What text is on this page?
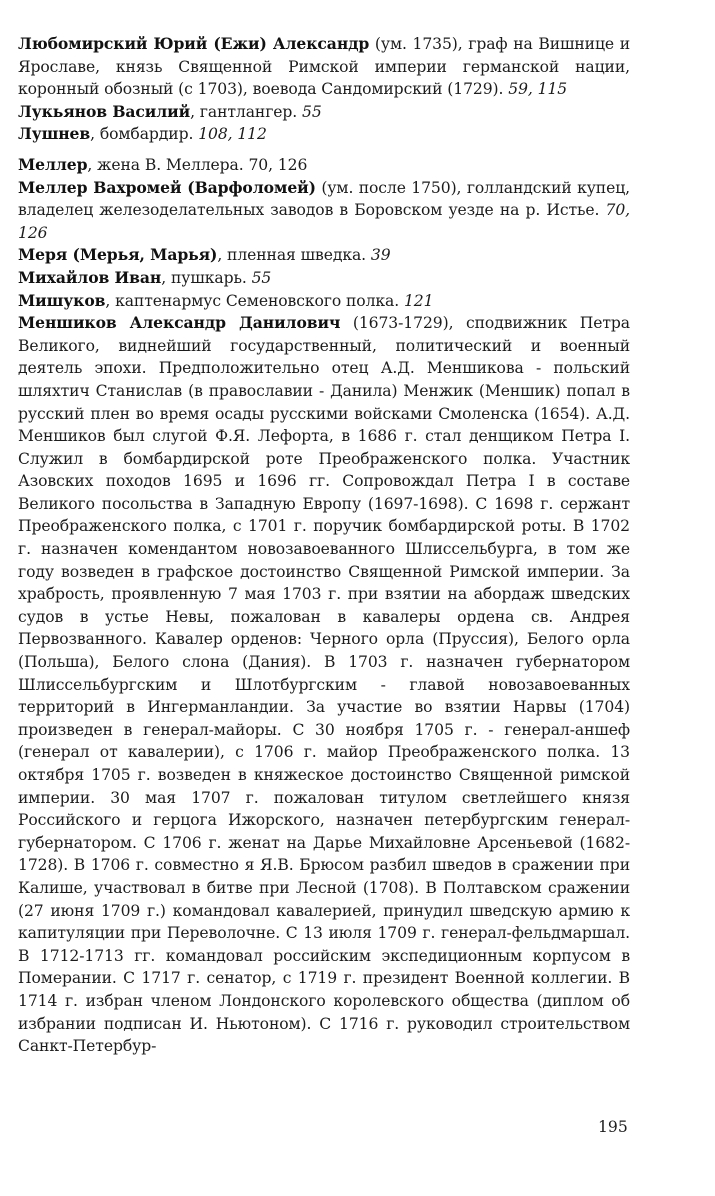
Любомирский Юрий (Ежи) Александр (ум. 1735), граф на Вишнице и Ярославе, князь Священной Римской империи германской нации, коронный обозный (с 1703), воевода Сандомирский (1729). 59, 115

Лукьянов Василий, гантлангер. 55

Лушнев, бомбардир. 108, 112

Меллер, жена В. Меллера. 70, 126

Меллер Вахромей (Варфоломей) (ум. после 1750), голландский купец, владелец железоделательных заводов в Боровском уезде на р. Истье. 70, 126

Меря (Мерья, Марья), пленная шведка. 39

Михайлов Иван, пушкарь. 55

Мишуков, каптенармус Семеновского полка. 121

Меншиков Александр Данилович (1673-1729), сподвижник Петра Великого, виднейший государственный, политический и военный деятель эпохи. Предположительно отец А.Д. Меншикова - польский шляхтич Станислав (в православии - Данила) Менжик (Меншик) попал в русский плен во время осады русскими войсками Смоленска (1654). А.Д. Меншиков был слугой Ф.Я. Лефорта, в 1686 г. стал денщиком Петра I. Служил в бомбардирской роте Преображенского полка. Участник Азовских походов 1695 и 1696 гг. Сопровождал Петра I в составе Великого посольства в Западную Европу (1697-1698). С 1698 г. сержант Преображенского полка, с 1701 г. поручик бомбардирской роты. В 1702 г. назначен комендантом новозавоеванного Шлиссельбурга, в том же году возведен в графское достоинство Священной Римской империи. За храбрость, проявленную 7 мая 1703 г. при взятии на абордаж шведских судов в устье Невы, пожалован в кавалеры ордена св. Андрея Первозванного. Кавалер орденов: Черного орла (Пруссия), Белого орла (Польша), Белого слона (Дания). В 1703 г. назначен губернатором Шлиссельбургским и Шлотбургским - главой новозавоеванных территорий в Ингерманландии. За участие во взятии Нарвы (1704) произведен в генерал-майоры. С 30 ноября 1705 г. - генерал-аншеф (генерал от кавалерии), с 1706 г. майор Преображенского полка. 13 октября 1705 г. возведен в княжеское достоинство Священной римской империи. 30 мая 1707 г. пожалован титулом светлейшего князя Российского и герцога Ижорского, назначен петербургским генерал-губернатором. С 1706 г. женат на Дарье Михайловне Арсеньевой (1682-1728). В 1706 г. совместно я Я.В. Брюсом разбил шведов в сражении при Калише, участвовал в битве при Лесной (1708). В Полтавском сражении (27 июня 1709 г.) командовал кавалерией, принудил шведскую армию к капитуляции при Переволочне. С 13 июля 1709 г. генерал-фельдмаршал. В 1712-1713 гг. командовал российским экспедиционным корпусом в Померании. С 1717 г. сенатор, с 1719 г. президент Военной коллегии. В 1714 г. избран членом Лондонского королевского общества (диплом об избрании подписан И. Ньютоном). С 1716 г. руководил строительством Санкт-Петербур-

195
